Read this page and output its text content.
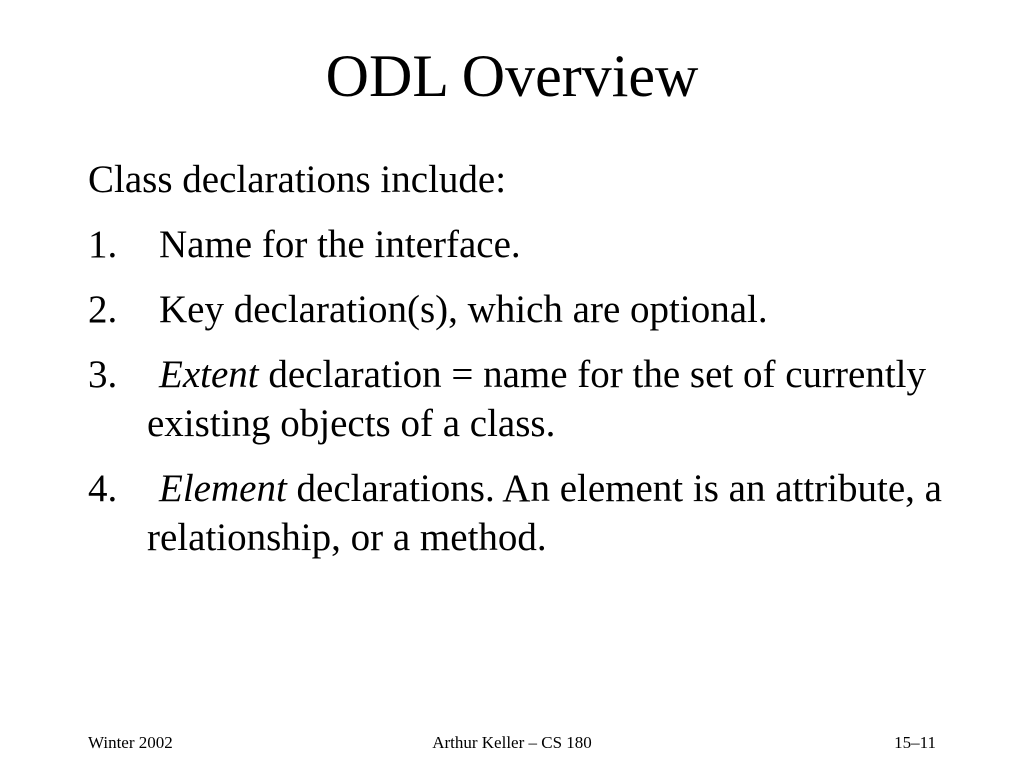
ODL Overview

Class declarations include:

1. Name for the interface.
2. Key declaration(s), which are optional.
3. Extent declaration = name for the set of currently existing objects of a class.
4. Element declarations. An element is an attribute, a relationship, or a method.
Winter 2002	Arthur Keller – CS 180	15–11
